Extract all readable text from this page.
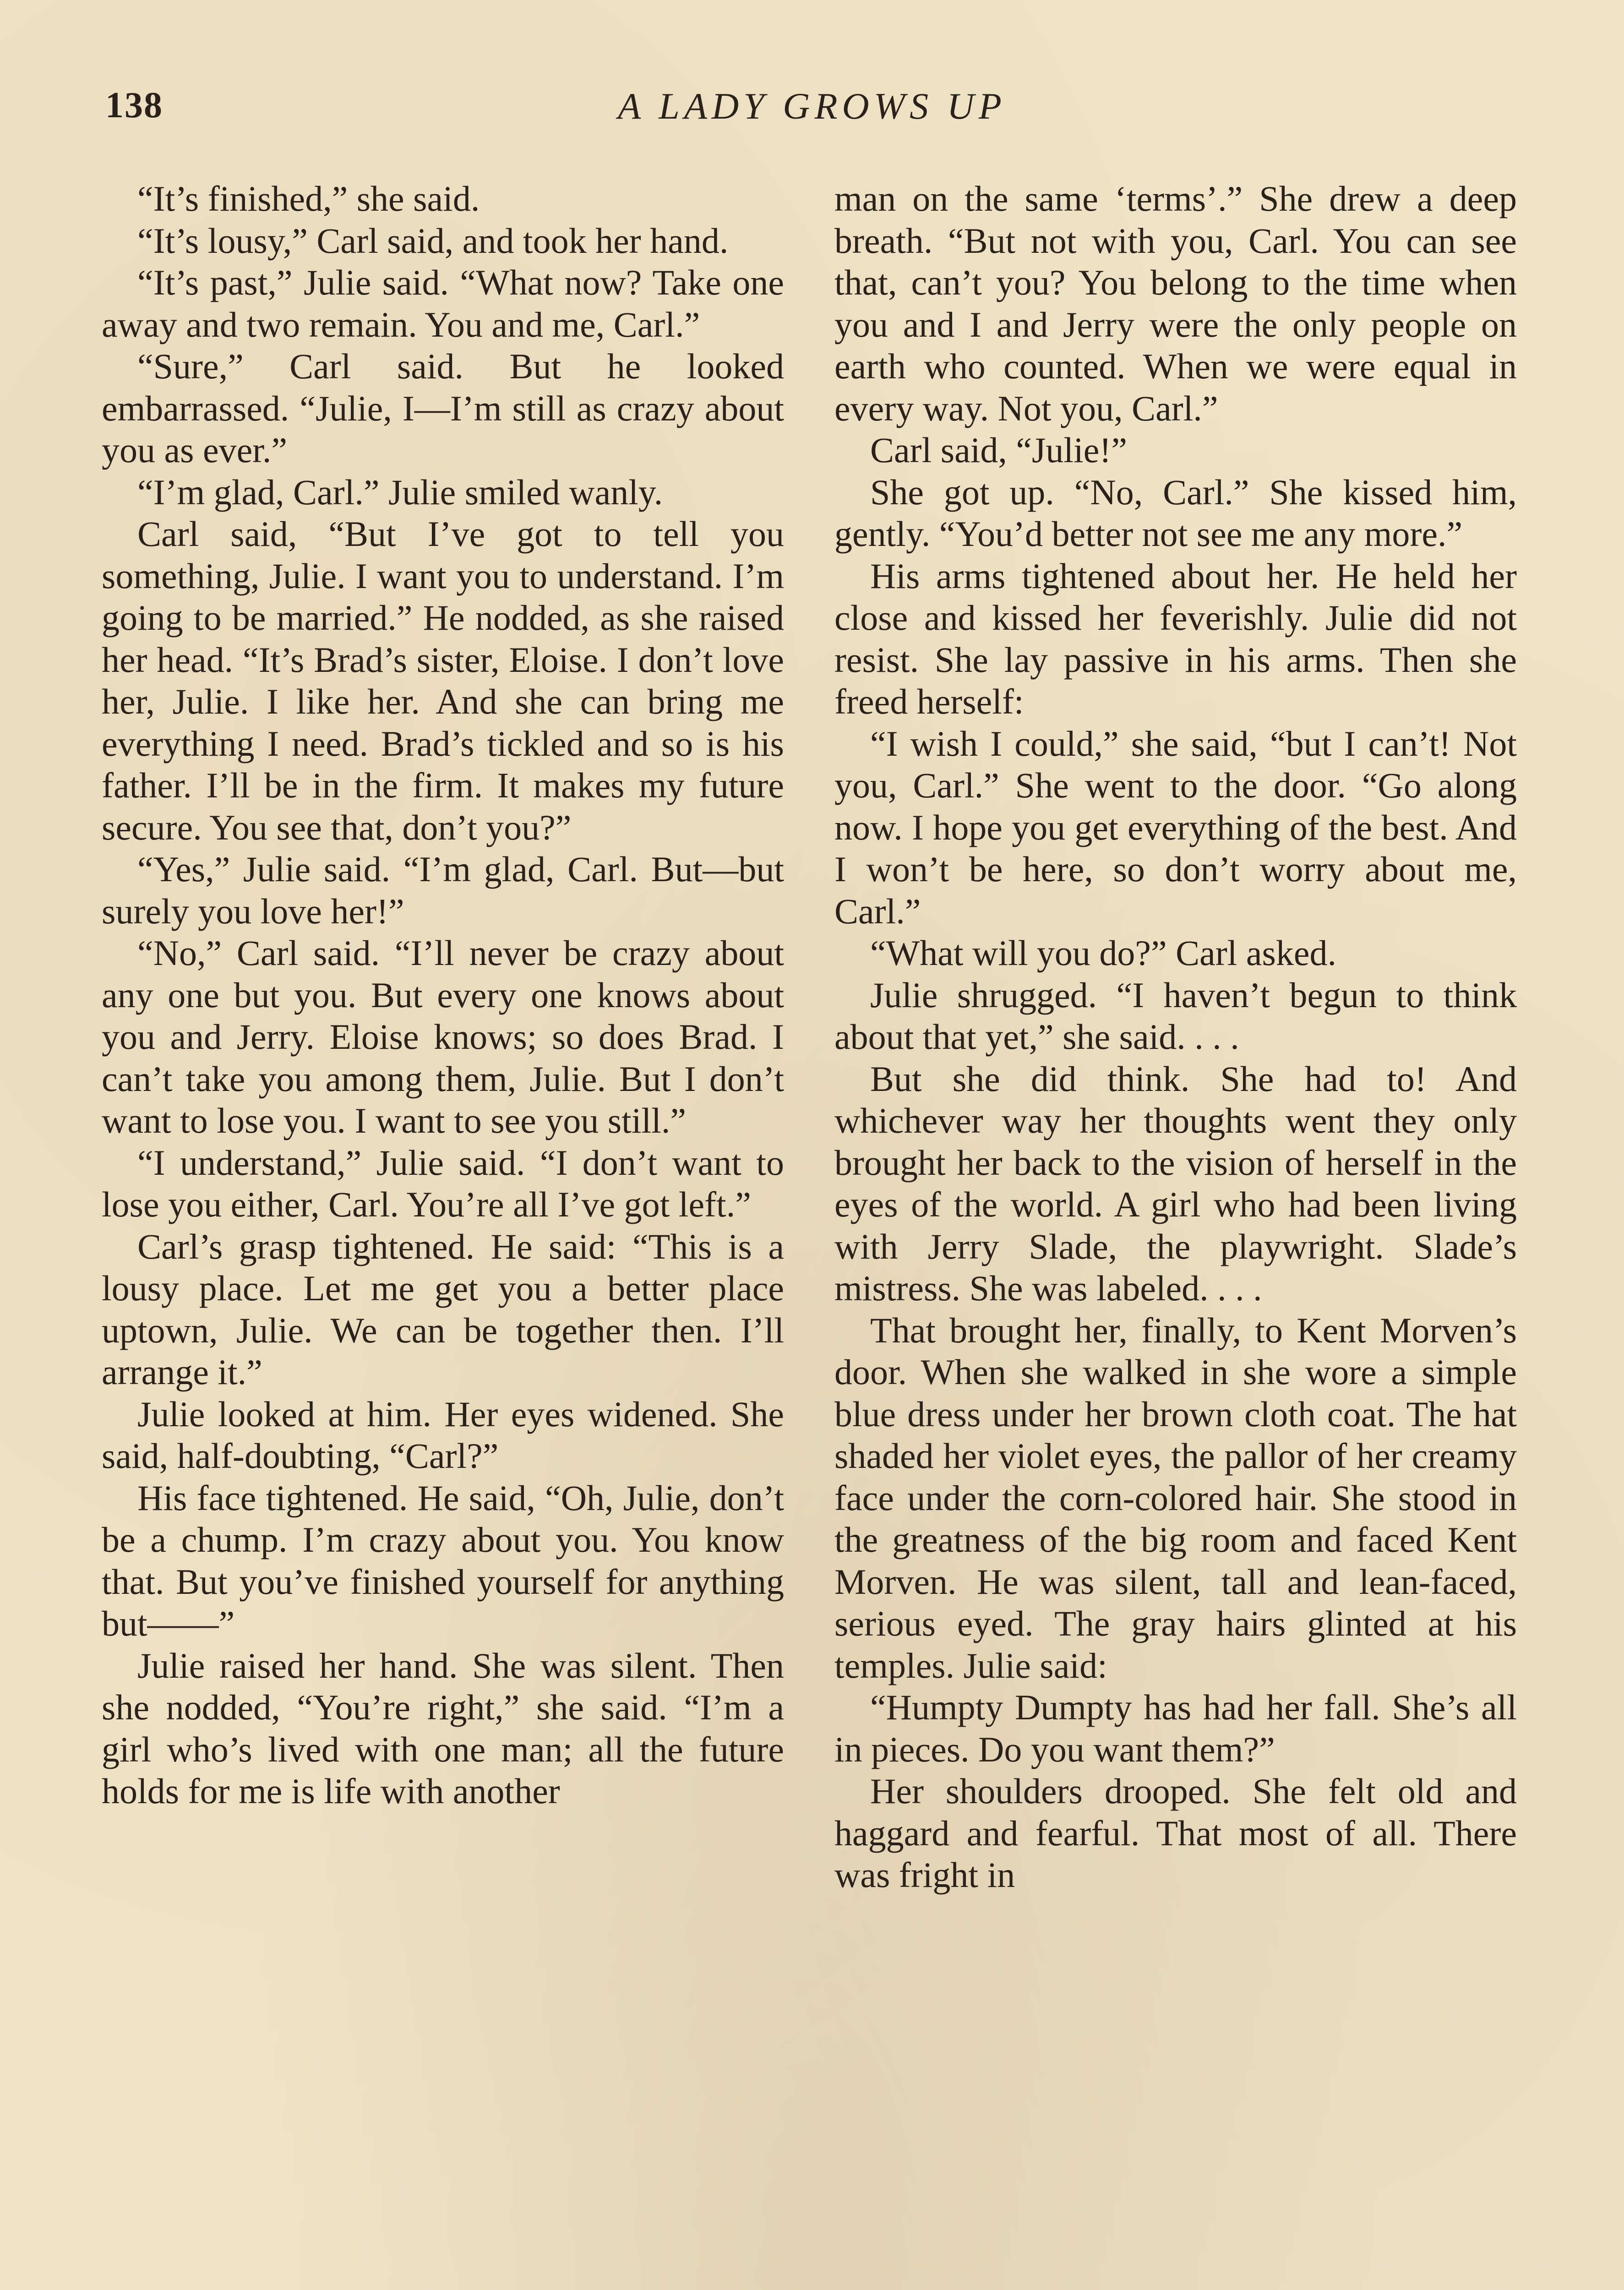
138	A LADY GROWS UP

“It’s finished,” she said.

“It’s lousy,” Carl said, and took her hand.

“It’s past,” Julie said. “What now? Take one away and two remain. You and me, Carl.”

“Sure,” Carl said. But he looked embarrassed. “Julie, I—I’m still as crazy about you as ever.”

“I’m glad, Carl.” Julie smiled wanly.

Carl said, “But I’ve got to tell you something, Julie. I want you to understand. I’m going to be married.” He nodded, as she raised her head. “It’s Brad’s sister, Eloise. I don’t love her, Julie. I like her. And she can bring me everything I need. Brad’s tickled and so is his father. I’ll be in the firm. It makes my future secure. You see that, don’t you?”

“Yes,” Julie said. “I’m glad, Carl. But—but surely you love her!”

“No,” Carl said. “I’ll never be crazy about any one but you. But every one knows about you and Jerry. Eloise knows; so does Brad. I can’t take you among them, Julie. But I don’t want to lose you. I want to see you still.”

“I understand,” Julie said. “I don’t want to lose you either, Carl. You’re all I’ve got left.”

Carl’s grasp tightened. He said: “This is a lousy place. Let me get you a better place uptown, Julie. We can be together then. I’ll arrange it.”

Julie looked at him. Her eyes widened. She said, half-doubting, “Carl?”

His face tightened. He said, “Oh, Julie, don’t be a chump. I’m crazy about you. You know that. But you’ve finished yourself for anything but——”

Julie raised her hand. She was silent. Then she nodded, “You’re right,” she said. “I’m a girl who’s lived with one man; all the future holds for me is life with another

man on the same ‘terms’.” She drew a deep breath. “But not with you, Carl. You can see that, can’t you? You belong to the time when you and I and Jerry were the only people on earth who counted. When we were equal in every way. Not you, Carl.”

Carl said, “Julie!”

She got up. “No, Carl.” She kissed him, gently. “You’d better not see me any more.”

His arms tightened about her. He held her close and kissed her feverishly. Julie did not resist. She lay passive in his arms. Then she freed herself:

“I wish I could,” she said, “but I can’t! Not you, Carl.” She went to the door. “Go along now. I hope you get everything of the best. And I won’t be here, so don’t worry about me, Carl.”

“What will you do?” Carl asked.

Julie shrugged. “I haven’t begun to think about that yet,” she said. . . .

But she did think. She had to! And whichever way her thoughts went they only brought her back to the vision of herself in the eyes of the world. A girl who had been living with Jerry Slade, the playwright. Slade’s mistress. She was labeled. . . .

That brought her, finally, to Kent Morven’s door. When she walked in she wore a simple blue dress under her brown cloth coat. The hat shaded her violet eyes, the pallor of her creamy face under the corn-colored hair. She stood in the greatness of the big room and faced Kent Morven. He was silent, tall and lean-faced, serious eyed. The gray hairs glinted at his temples. Julie said:

“Humpty Dumpty has had her fall. She’s all in pieces. Do you want them?”

Her shoulders drooped. She felt old and haggard and fearful. That most of all. There was fright in
